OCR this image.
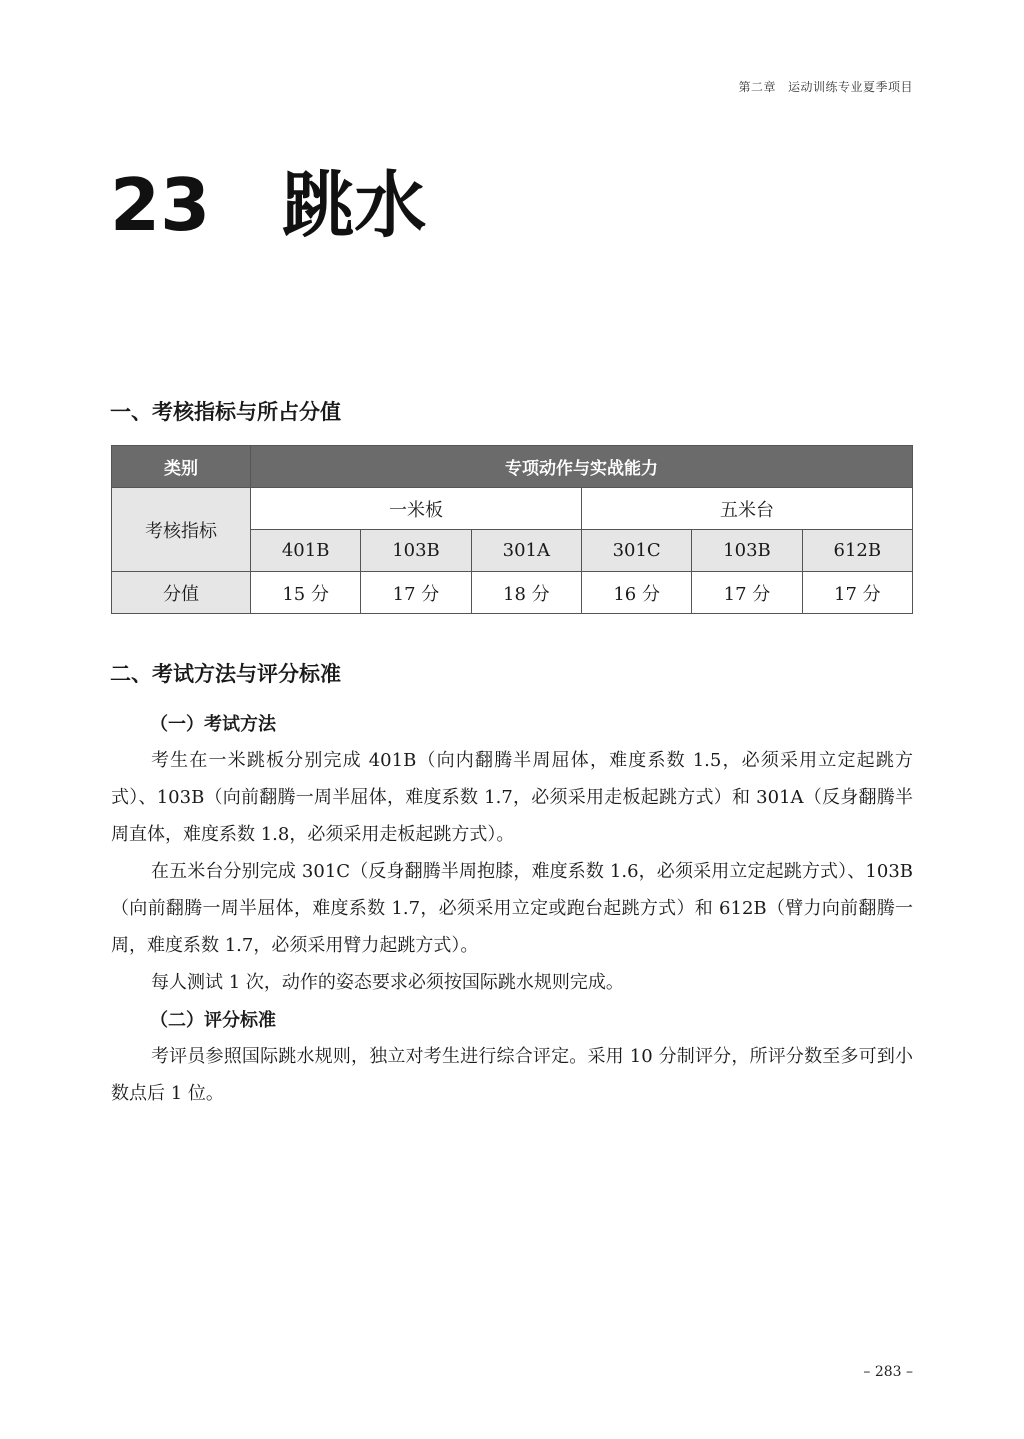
第二章 运动训练专业夏季项目
23 跳水
一、考核指标与所占分值
类别	专项动作与实战能力					
考核指标	一米板			五米台		
	401B	103B	301A	301C	103B	612B
分值	15 分	17 分	18 分	16 分	17 分	17 分
二、考试方法与评分标准
（一）考试方法

考生在一米跳板分别完成 401B（向内翻腾半周屈体，难度系数 1.5，必须采用立定起跳方式）、103B（向前翻腾一周半屈体，难度系数 1.7，必须采用走板起跳方式）和 301A（反身翻腾半周直体，难度系数 1.8，必须采用走板起跳方式）。

在五米台分别完成 301C（反身翻腾半周抱膝，难度系数 1.6，必须采用立定起跳方式）、103B（向前翻腾一周半屈体，难度系数 1.7，必须采用立定或跑台起跳方式）和 612B（臂力向前翻腾一周，难度系数 1.7，必须采用臂力起跳方式）。

每人测试 1 次，动作的姿态要求必须按国际跳水规则完成。

（二）评分标准

考评员参照国际跳水规则，独立对考生进行综合评定。采用 10 分制评分，所评分数至多可到小数点后 1 位。

– 283 –
